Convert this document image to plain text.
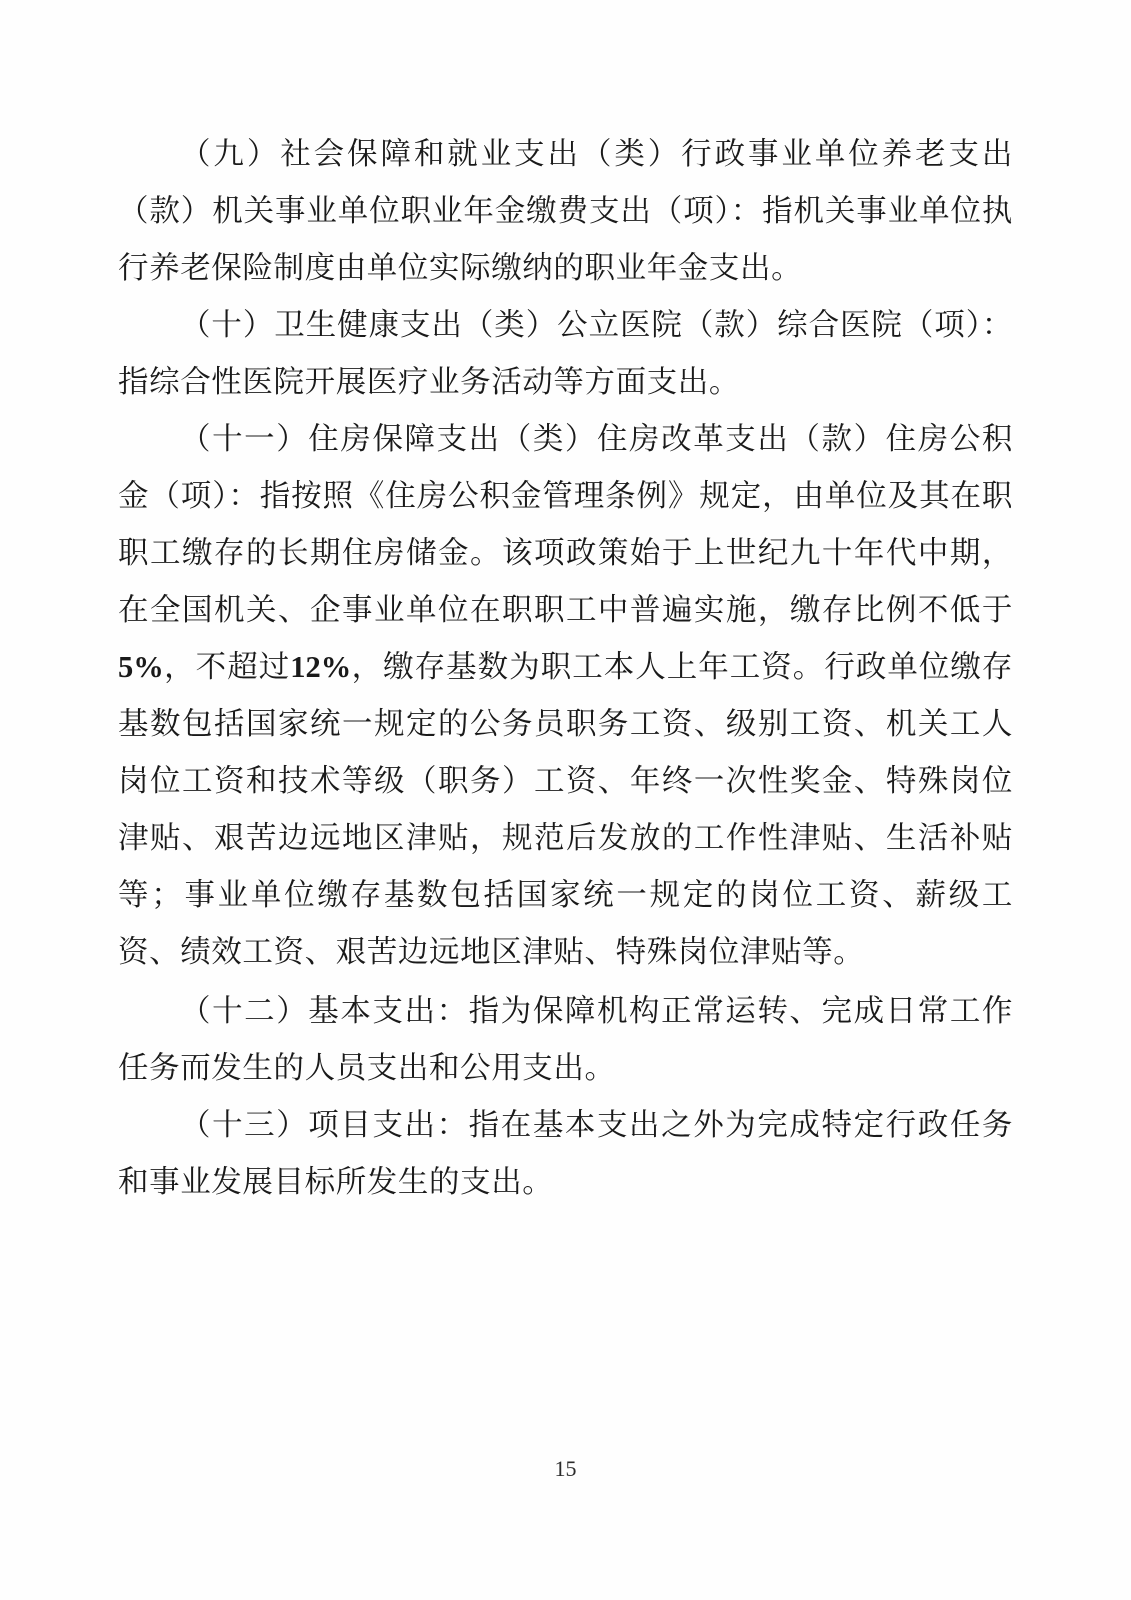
（九）社会保障和就业支出（类）行政事业单位养老支出（款）机关事业单位职业年金缴费支出（项）：指机关事业单位执行养老保险制度由单位实际缴纳的职业年金支出。

（十）卫生健康支出（类）公立医院（款）综合医院（项）：指综合性医院开展医疗业务活动等方面支出。

（十一）住房保障支出（类）住房改革支出（款）住房公积金（项）：指按照《住房公积金管理条例》规定，由单位及其在职职工缴存的长期住房储金。该项政策始于上世纪九十年代中期，在全国机关、企事业单位在职职工中普遍实施，缴存比例不低于5%，不超过12%，缴存基数为职工本人上年工资。行政单位缴存基数包括国家统一规定的公务员职务工资、级别工资、机关工人岗位工资和技术等级（职务）工资、年终一次性奖金、特殊岗位津贴、艰苦边远地区津贴，规范后发放的工作性津贴、生活补贴等；事业单位缴存基数包括国家统一规定的岗位工资、薪级工资、绩效工资、艰苦边远地区津贴、特殊岗位津贴等。

（十二）基本支出：指为保障机构正常运转、完成日常工作任务而发生的人员支出和公用支出。

（十三）项目支出：指在基本支出之外为完成特定行政任务和事业发展目标所发生的支出。

15
